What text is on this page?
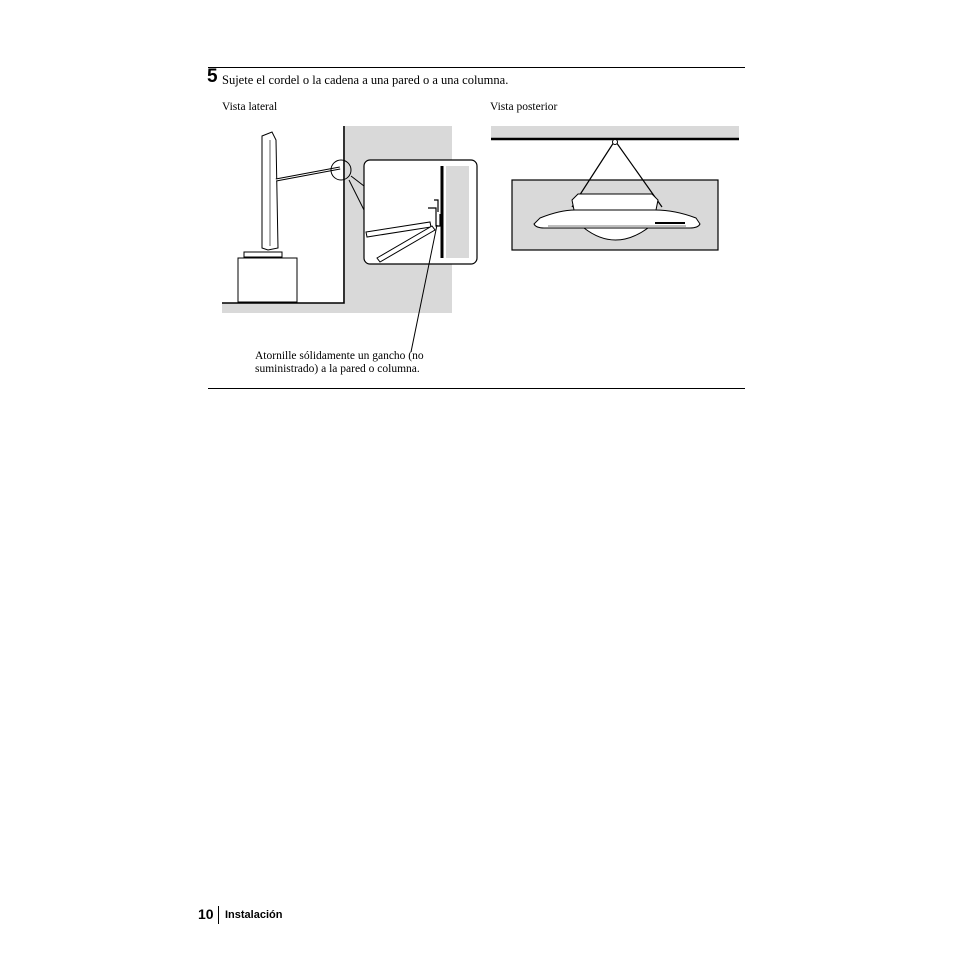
5 Sujete el cordel o la cadena a una pared o a una columna.
Vista lateral	Vista posterior
Atornille sólidamente un gancho (no
suministrado) a la pared o columna.
10 Instalación
